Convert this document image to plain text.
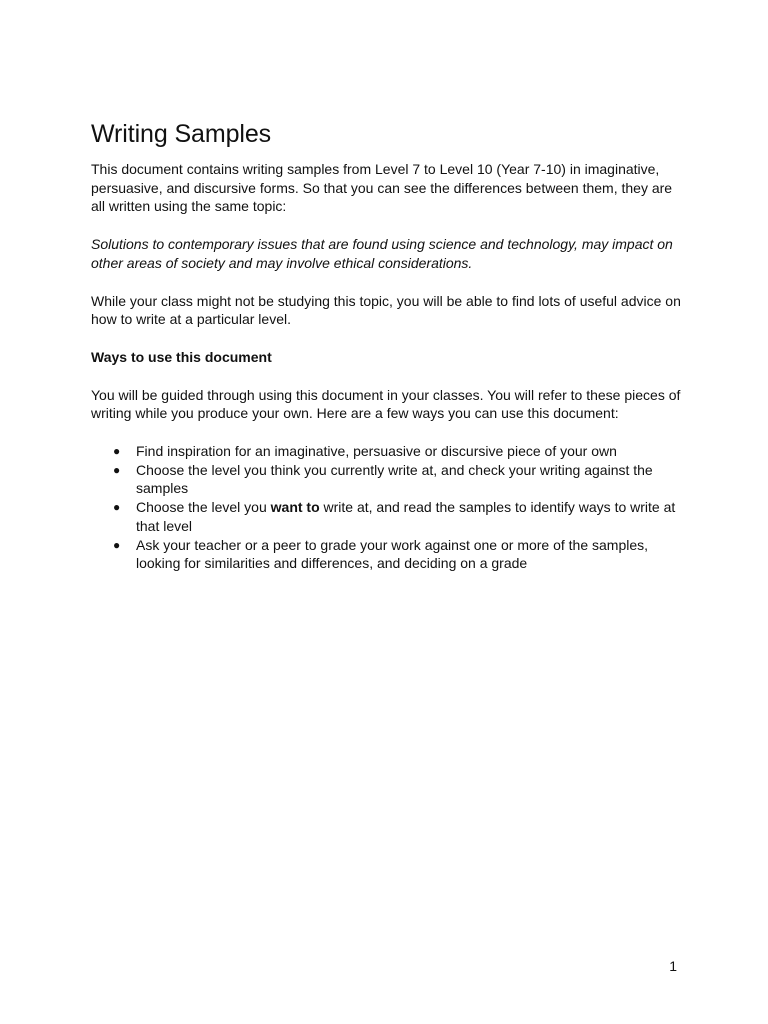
Writing Samples

This document contains writing samples from Level 7 to Level 10 (Year 7-10) in imaginative, persuasive, and discursive forms. So that you can see the differences between them, they are all written using the same topic:

Solutions to contemporary issues that are found using science and technology, may impact on other areas of society and may involve ethical considerations.

While your class might not be studying this topic, you will be able to find lots of useful advice on how to write at a particular level.

Ways to use this document

You will be guided through using this document in your classes. You will refer to these pieces of writing while you produce your own. Here are a few ways you can use this document:

● Find inspiration for an imaginative, persuasive or discursive piece of your own
● Choose the level you think you currently write at, and check your writing against the samples
● Choose the level you want to write at, and read the samples to identify ways to write at that level
● Ask your teacher or a peer to grade your work against one or more of the samples, looking for similarities and differences, and deciding on a grade
1
